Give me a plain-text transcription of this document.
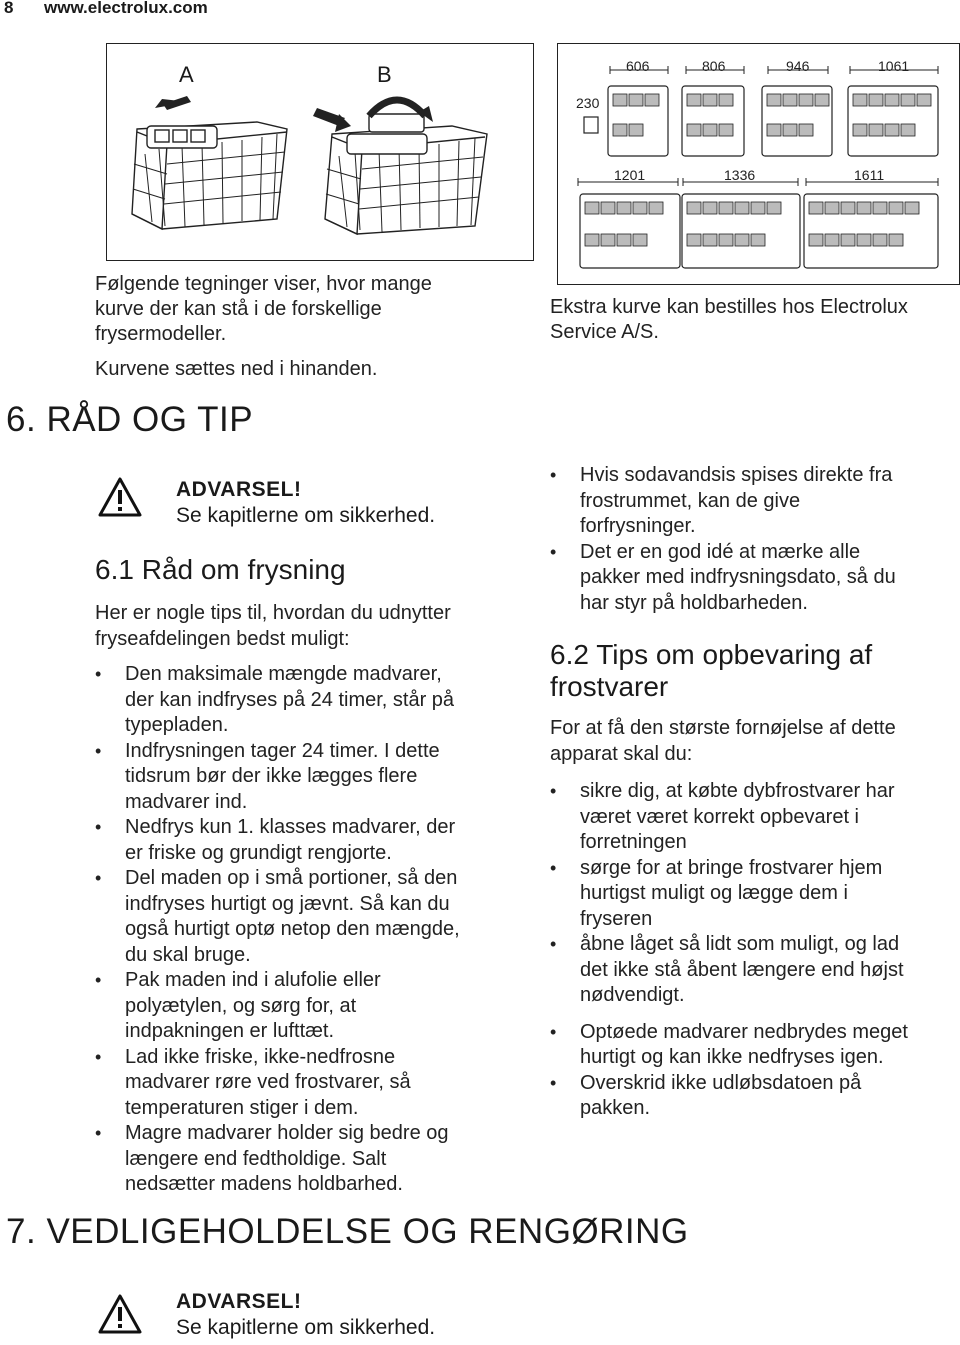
8 www.electrolux.com
A	B
230
606	806	946	1061
1201	1336	1611
Følgende tegninger viser, hvor mange
kurve der kan stå i de forskellige
frysermodeller.
Kurvene sættes ned i hinanden.
Ekstra kurve kan bestilles hos Electrolux
Service A/S.
6. RÅD OG TIP
ADVARSEL!
Se kapitlerne om sikkerhed.
6.1 Råd om frysning
Her er nogle tips til, hvordan du udnytter
fryseafdelingen bedst muligt:
• Den maksimale mængde madvarer,
der kan indfryses på 24 timer, står på
typepladen.
• Indfrysningen tager 24 timer. I dette
tidsrum bør der ikke lægges flere
madvarer ind.
• Nedfrys kun 1. klasses madvarer, der
er friske og grundigt rengjorte.
• Del maden op i små portioner, så den
indfryses hurtigt og jævnt. Så kan du
også hurtigt optø netop den mængde,
du skal bruge.
• Pak maden ind i alufolie eller
polyætylen, og sørg for, at
indpakningen er lufttæt.
• Lad ikke friske, ikke-nedfrosne
madvarer røre ved frostvarer, så
temperaturen stiger i dem.
• Magre madvarer holder sig bedre og
længere end fedtholdige. Salt
nedsætter madens holdbarhed.
• Hvis sodavandsis spises direkte fra
frostrummet, kan de give
forfrysninger.
• Det er en god idé at mærke alle
pakker med indfrysningsdato, så du
har styr på holdbarheden.
6.2 Tips om opbevaring af
frostvarer
For at få den største fornøjelse af dette
apparat skal du:
• sikre dig, at købte dybfrostvarer har
været været korrekt opbevaret i
forretningen
• sørge for at bringe frostvarer hjem
hurtigst muligt og lægge dem i
fryseren
• åbne låget så lidt som muligt, og lad
det ikke stå åbent længere end højst
nødvendigt.
• Optøede madvarer nedbrydes meget
hurtigt og kan ikke nedfryses igen.
• Overskrid ikke udløbsdatoen på
pakken.
7. VEDLIGEHOLDELSE OG RENGØRING
ADVARSEL!
Se kapitlerne om sikkerhed.
